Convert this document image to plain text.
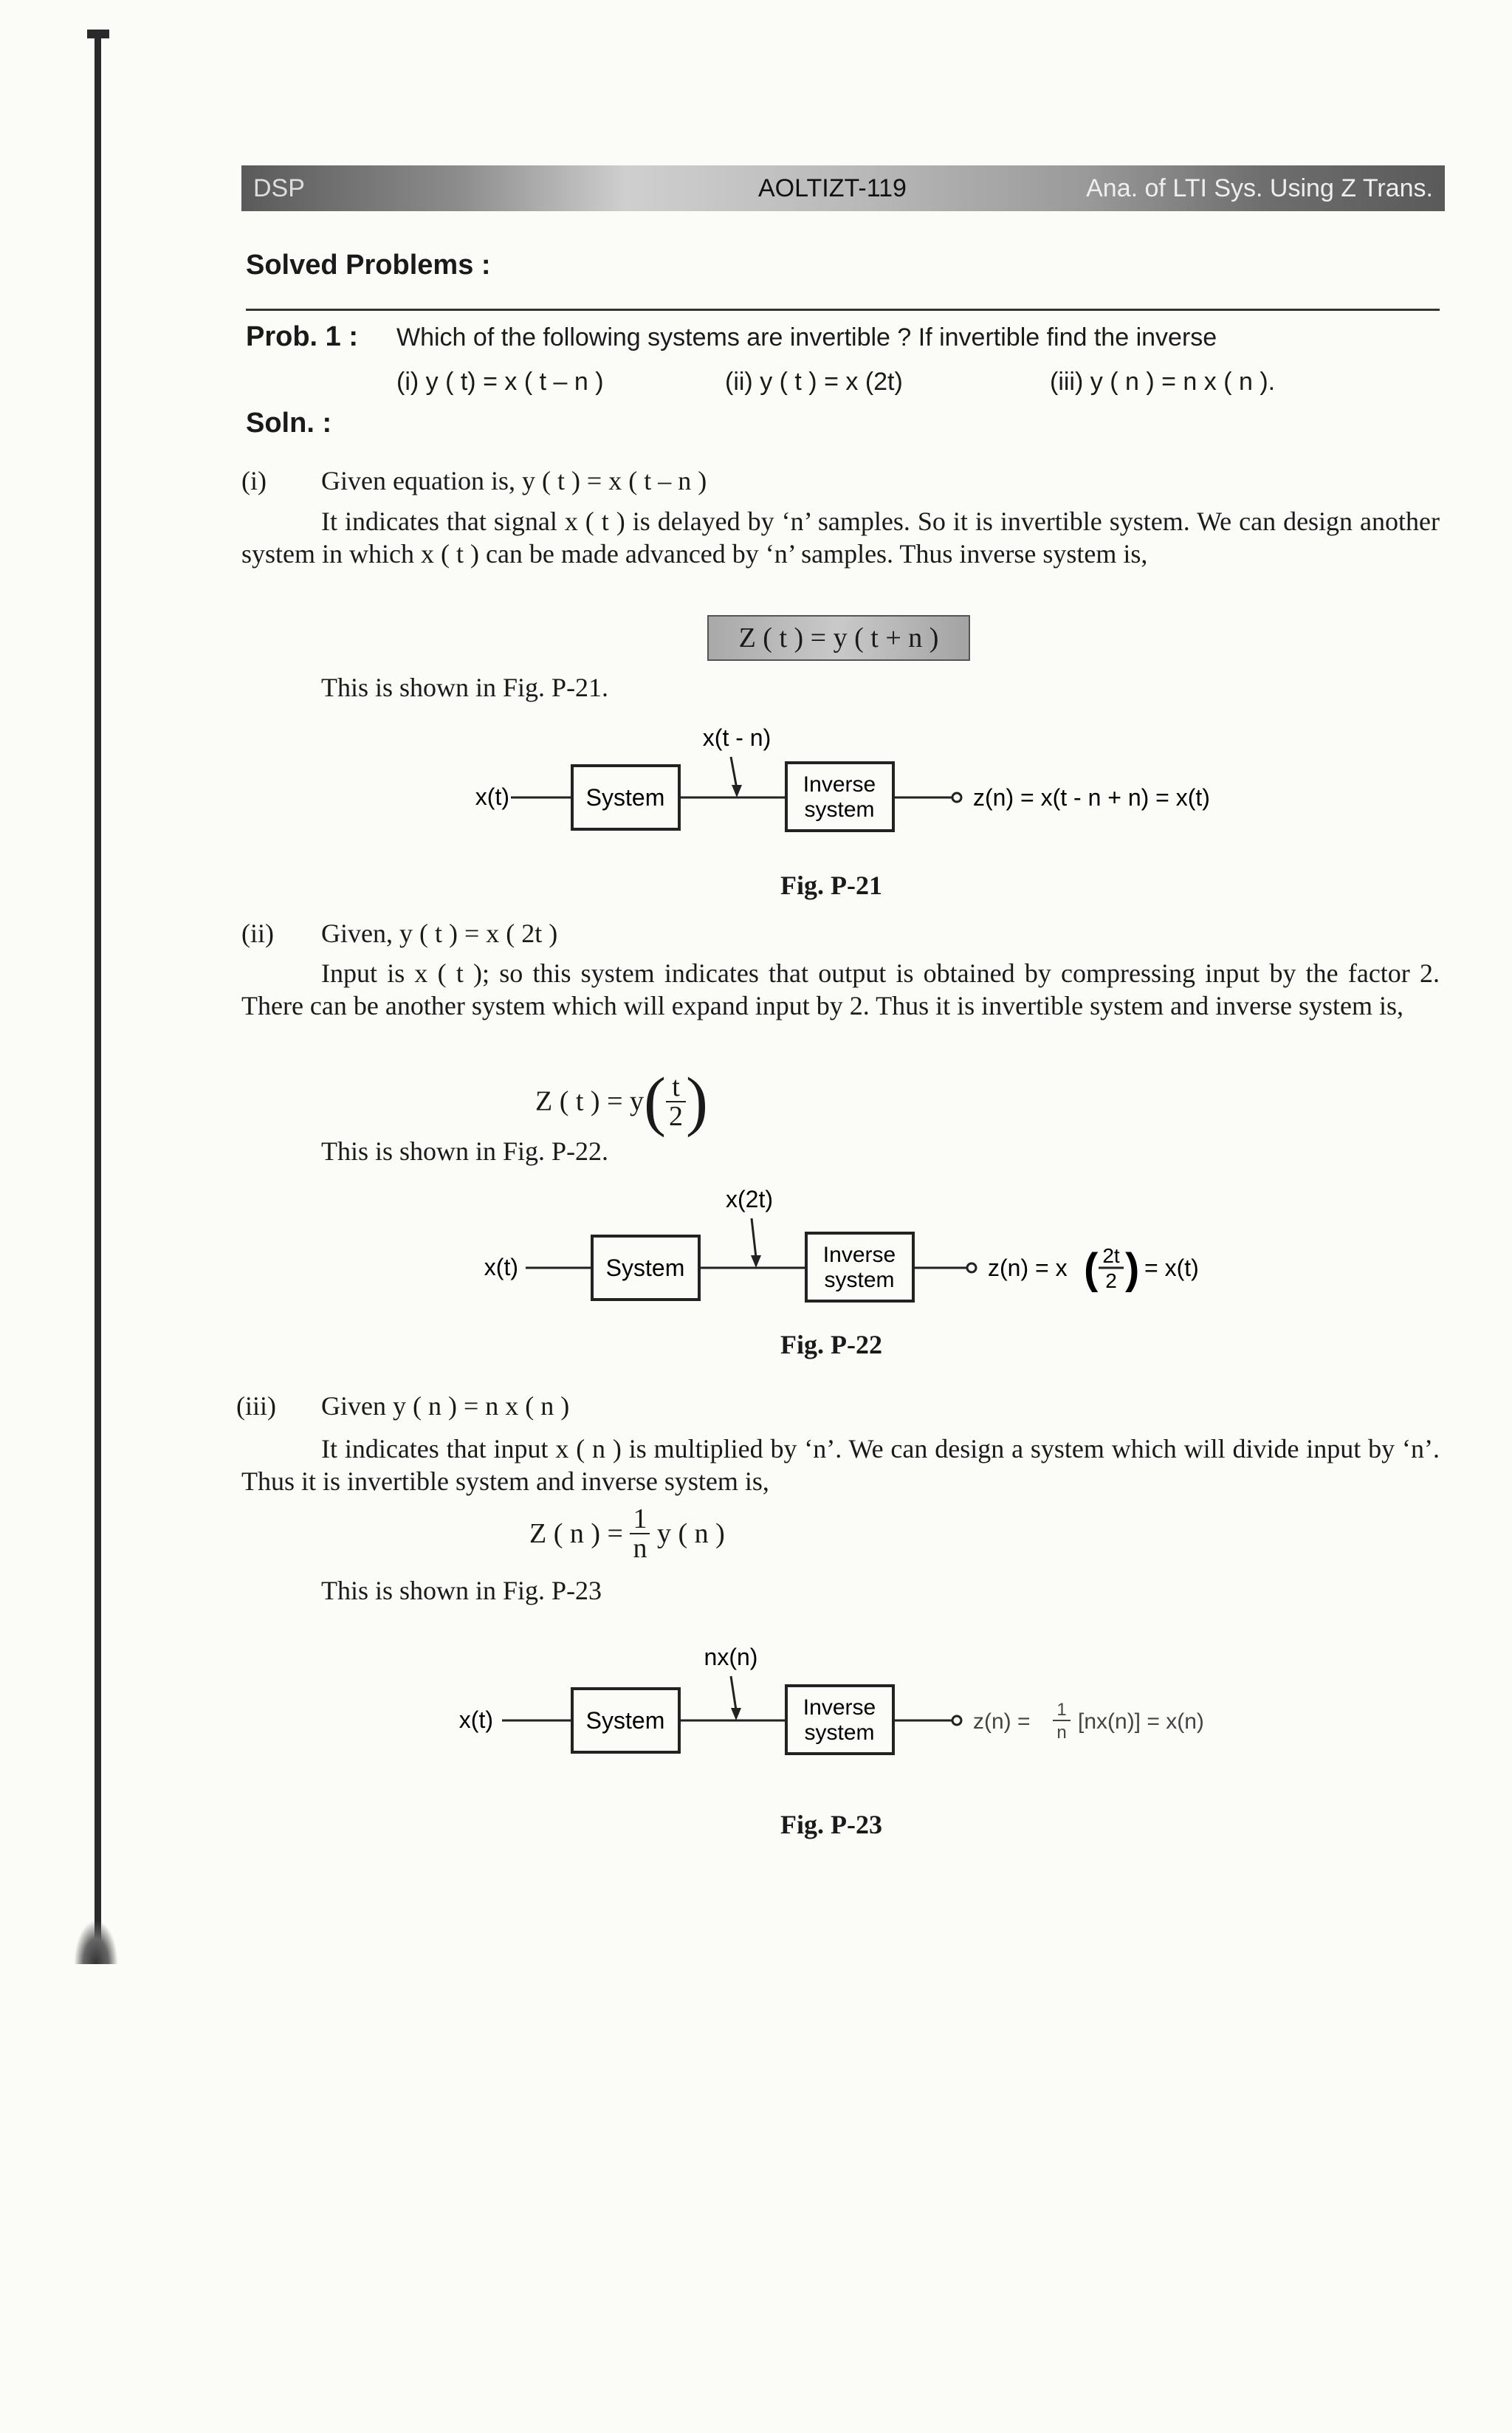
DSP	AOLTIZT-119	Ana. of LTI Sys. Using Z Trans.
Solved Problems :
Prob. 1 : Which of the following systems are invertible ? If invertible find the inverse
(i) y ( t) = x ( t – n )	(ii) y ( t ) = x (2t)	(iii) y ( n ) = n x ( n ).
Soln. :
(i) Given equation is, y ( t ) = x ( t – n )
It indicates that signal x ( t ) is delayed by ‘n’ samples. So it is invertible system. We can design another system in which x ( t ) can be made advanced by ‘n’ samples. Thus inverse system is,
Z ( t ) = y ( t + n )
This is shown in Fig. P-21.
x(t)	System
x(t - n)
Inverse
system	z(n) = x(t - n + n) = x(t)
Fig. P-21
(ii) Given, y ( t ) = x ( 2t )
Input is x ( t ); so this system indicates that output is obtained by compressing input by the factor 2. There can be another system which will expand input by 2. Thus it is invertible system and inverse system is,
Z ( t ) = $y( \frac{t}{2}$ )
This is shown in Fig. P-22.
x(t)	System
x(2t)
Inverse
system	z(n) = x ( 2t
2 ) = x(t)
Fig. P-22
(iii) Given y ( n ) = n x ( n )
It indicates that input x ( n ) is multiplied by ‘n’. We can design a system which will divide input by ‘n’. Thus it is invertible system and inverse system is,
Z ( n ) = $\frac{1}{n}$ y ( n )
This is shown in Fig. P-23
x(t)	System
nx(n)
Inverse
system	z(n) = 1
n [nx(n)] = x(n)
Fig. P-23
